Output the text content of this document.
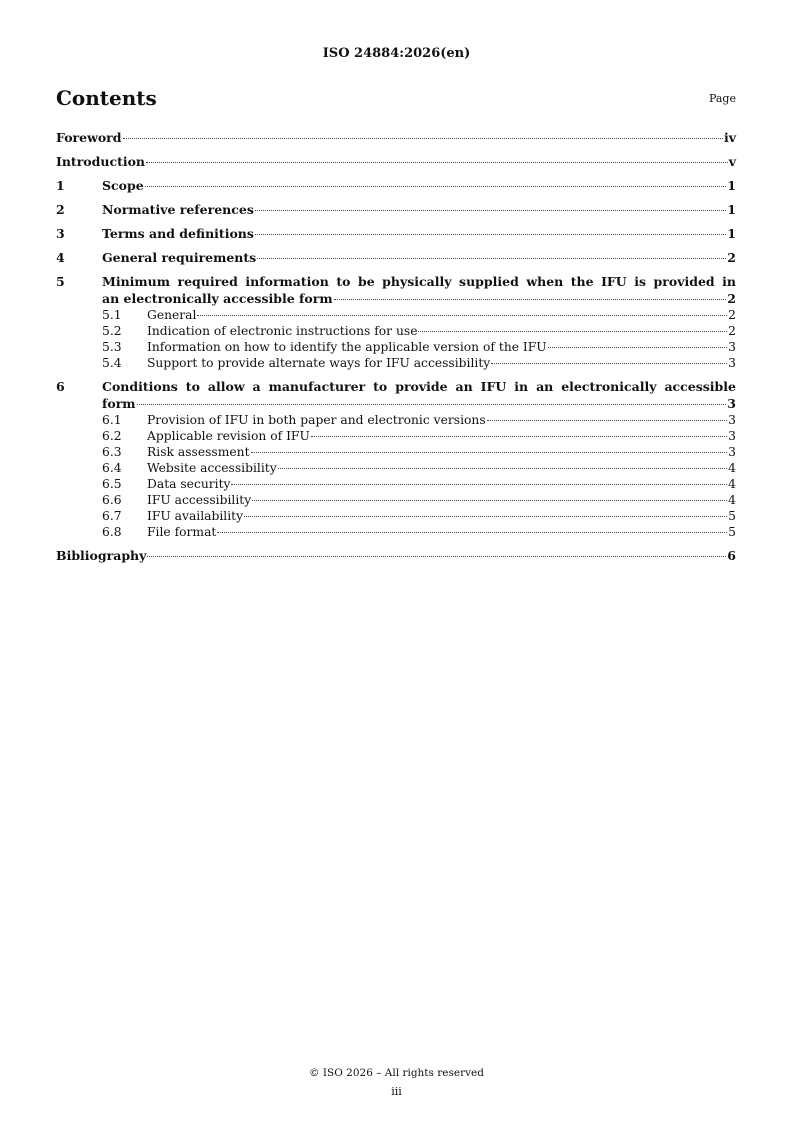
ISO 24884:2026(en)
Contents	Page
Foreword	iv
Introduction	v
1	Scope	1
2	Normative references	1
3	Terms and definitions	1
4	General requirements	2
5	Minimum required information to be physically supplied when the IFU is provided in
an electronically accessible form	2
5.1	General	2
5.2	Indication of electronic instructions for use	2
5.3	Information on how to identify the applicable version of the IFU	3
5.4	Support to provide alternate ways for IFU accessibility	3
6	Conditions to allow a manufacturer to provide an IFU in an electronically accessible
form	3
6.1	Provision of IFU in both paper and electronic versions	3
6.2	Applicable revision of IFU	3
6.3	Risk assessment	3
6.4	Website accessibility	4
6.5	Data security	4
6.6	IFU accessibility	4
6.7	IFU availability	5
6.8	File format	5
Bibliography	6
© ISO 2026 – All rights reserved
iii
